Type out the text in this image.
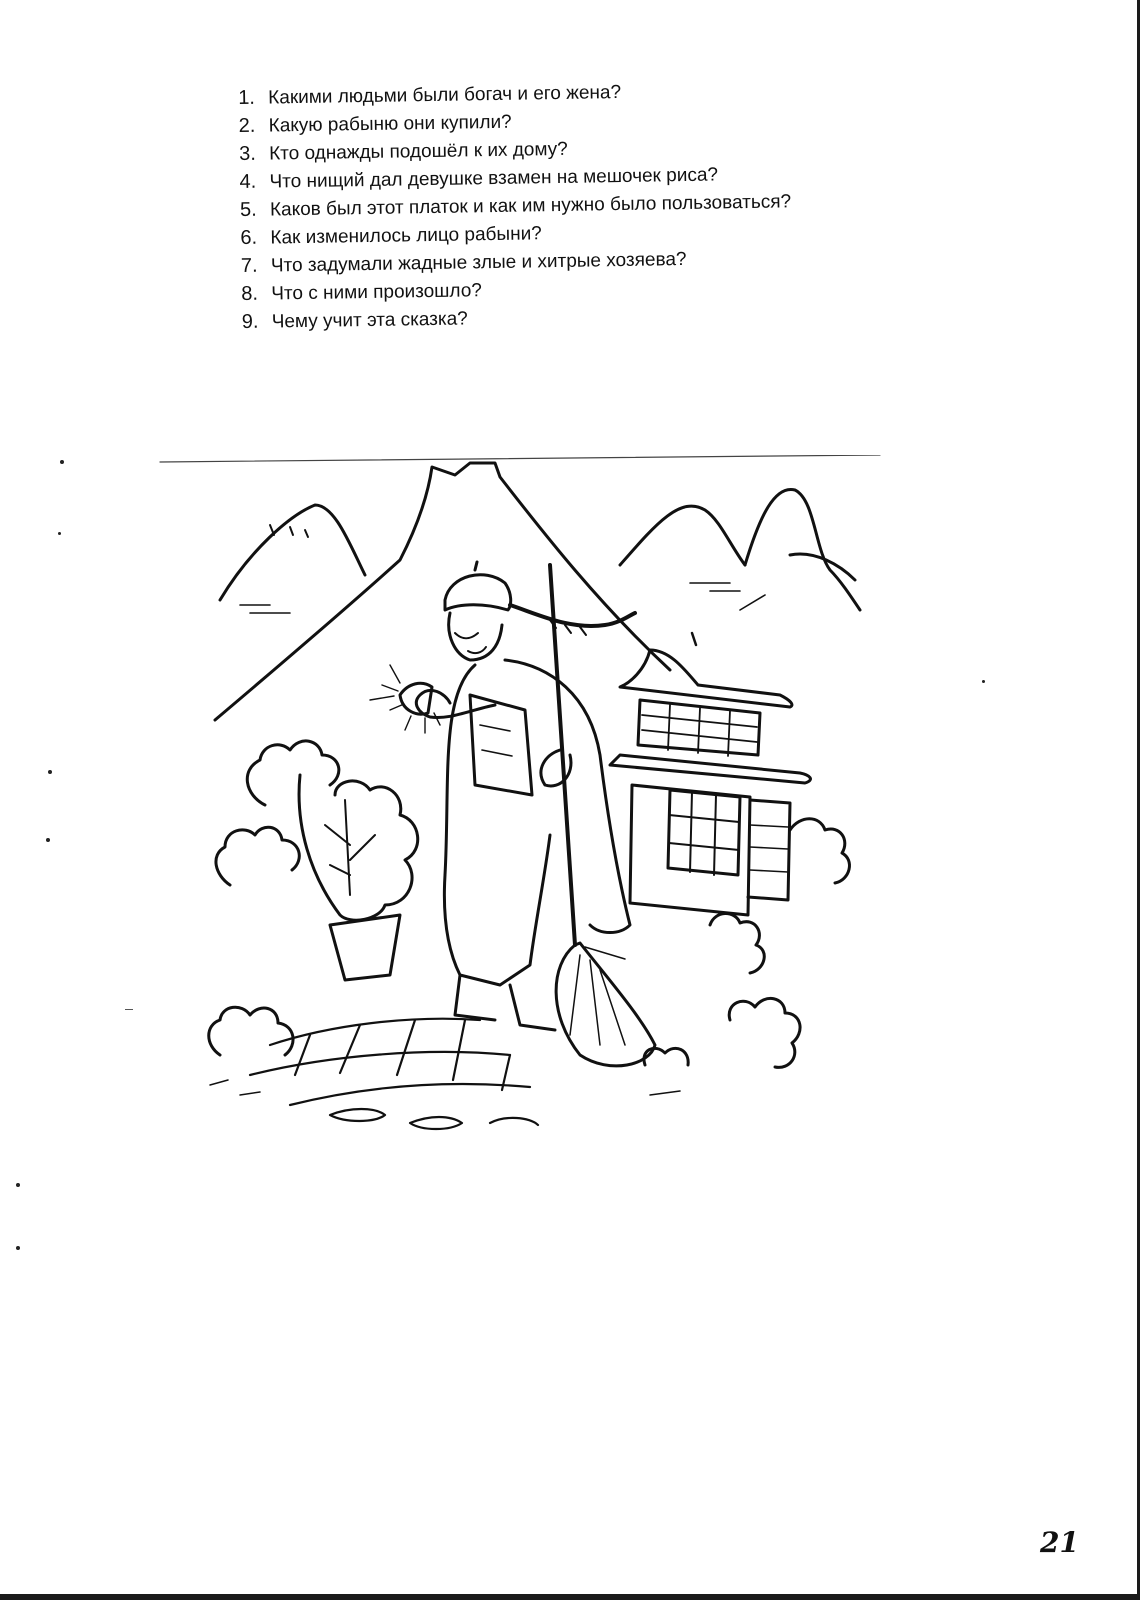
1. Какими людьми были богач и его жена?
2. Какую рабыню они купили?
3. Кто однажды подошёл к их дому?
4. Что нищий дал девушке взамен на мешочек риса?
5. Каков был этот платок и как им нужно было пользоваться?
6. Как изменилось лицо рабыни?
7. Что задумали жадные злые и хитрые хозяева?
8. Что с ними произошло?
9. Чему учит эта сказка?
21
